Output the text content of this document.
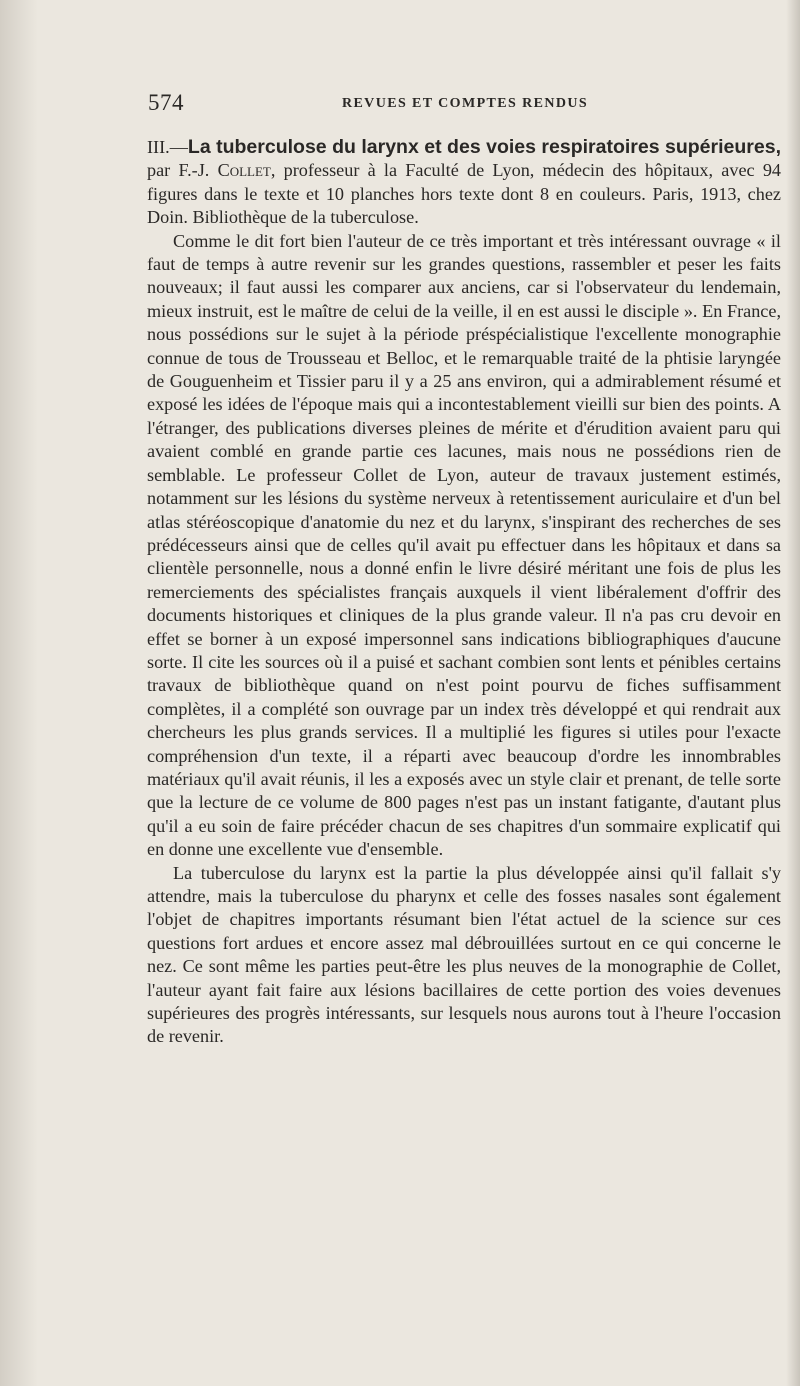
574	REVUES ET COMPTES RENDUS

III.—La tuberculose du larynx et des voies respiratoires supérieures, par F.-J. Collet, professeur à la Faculté de Lyon, médecin des hôpitaux, avec 94 figures dans le texte et 10 planches hors texte dont 8 en couleurs. Paris, 1913, chez Doin. Bibliothèque de la tuberculose.

Comme le dit fort bien l'auteur de ce très important et très intéressant ouvrage « il faut de temps à autre revenir sur les grandes questions, rassembler et peser les faits nouveaux; il faut aussi les comparer aux anciens, car si l'observateur du lendemain, mieux instruit, est le maître de celui de la veille, il en est aussi le disciple ». En France, nous possédions sur le sujet à la période préspécialistique l'excellente monographie connue de tous de Trousseau et Belloc, et le remarquable traité de la phtisie laryngée de Gouguenheim et Tissier paru il y a 25 ans environ, qui a admirablement résumé et exposé les idées de l'époque mais qui a incontestablement vieilli sur bien des points. A l'étranger, des publications diverses pleines de mérite et d'érudition avaient paru qui avaient comblé en grande partie ces lacunes, mais nous ne possédions rien de semblable. Le professeur Collet de Lyon, auteur de travaux justement estimés, notamment sur les lésions du système nerveux à retentissement auriculaire et d'un bel atlas stéréoscopique d'anatomie du nez et du larynx, s'inspirant des recherches de ses prédécesseurs ainsi que de celles qu'il avait pu effectuer dans les hôpitaux et dans sa clientèle personnelle, nous a donné enfin le livre désiré méritant une fois de plus les remerciements des spécialistes français auxquels il vient libéralement d'offrir des documents historiques et cliniques de la plus grande valeur. Il n'a pas cru devoir en effet se borner à un exposé impersonnel sans indications bibliographiques d'aucune sorte. Il cite les sources où il a puisé et sachant combien sont lents et pénibles certains travaux de bibliothèque quand on n'est point pourvu de fiches suffisamment complètes, il a complété son ouvrage par un index très développé et qui rendrait aux chercheurs les plus grands services. Il a multiplié les figures si utiles pour l'exacte compréhension d'un texte, il a réparti avec beaucoup d'ordre les innombrables matériaux qu'il avait réunis, il les a exposés avec un style clair et prenant, de telle sorte que la lecture de ce volume de 800 pages n'est pas un instant fatigante, d'autant plus qu'il a eu soin de faire précéder chacun de ses chapitres d'un sommaire explicatif qui en donne une excellente vue d'ensemble.

La tuberculose du larynx est la partie la plus développée ainsi qu'il fallait s'y attendre, mais la tuberculose du pharynx et celle des fosses nasales sont également l'objet de chapitres importants résumant bien l'état actuel de la science sur ces questions fort ardues et encore assez mal débrouillées surtout en ce qui concerne le nez. Ce sont même les parties peut-être les plus neuves de la monographie de Collet, l'auteur ayant fait faire aux lésions bacillaires de cette portion des voies devenues supérieures des progrès intéressants, sur lesquels nous aurons tout à l'heure l'occasion de revenir.
